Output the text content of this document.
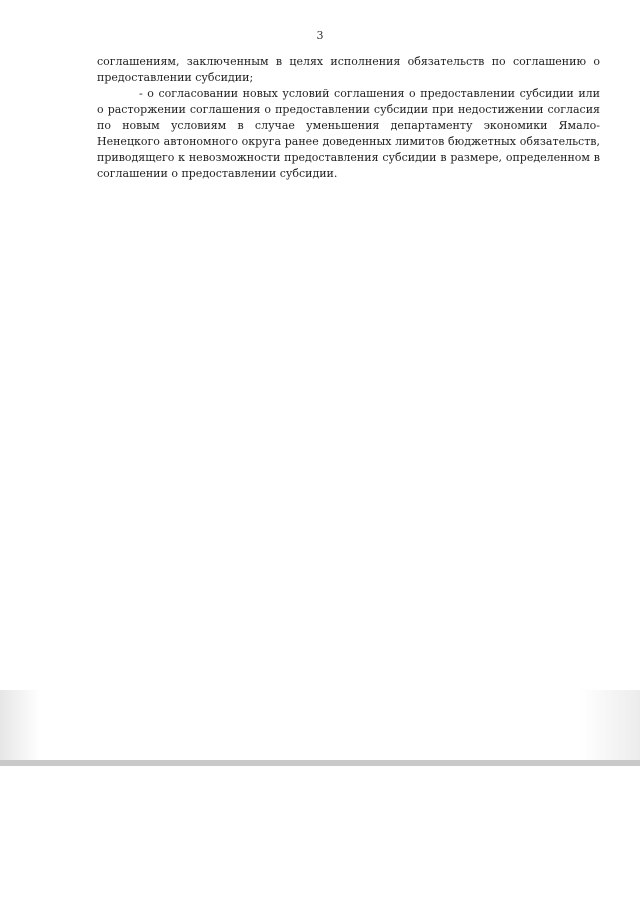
3

соглашениям, заключенным в целях исполнения обязательств по соглашению о предоставлении субсидии;

- о согласовании новых условий соглашения о предоставлении субсидии или о расторжении соглашения о предоставлении субсидии при недостижении согласия по новым условиям в случае уменьшения департаменту экономики Ямало-Ненецкого автономного округа ранее доведенных лимитов бюджетных обязательств, приводящего к невозможности предоставления субсидии в размере, определенном в соглашении о предоставлении субсидии.
